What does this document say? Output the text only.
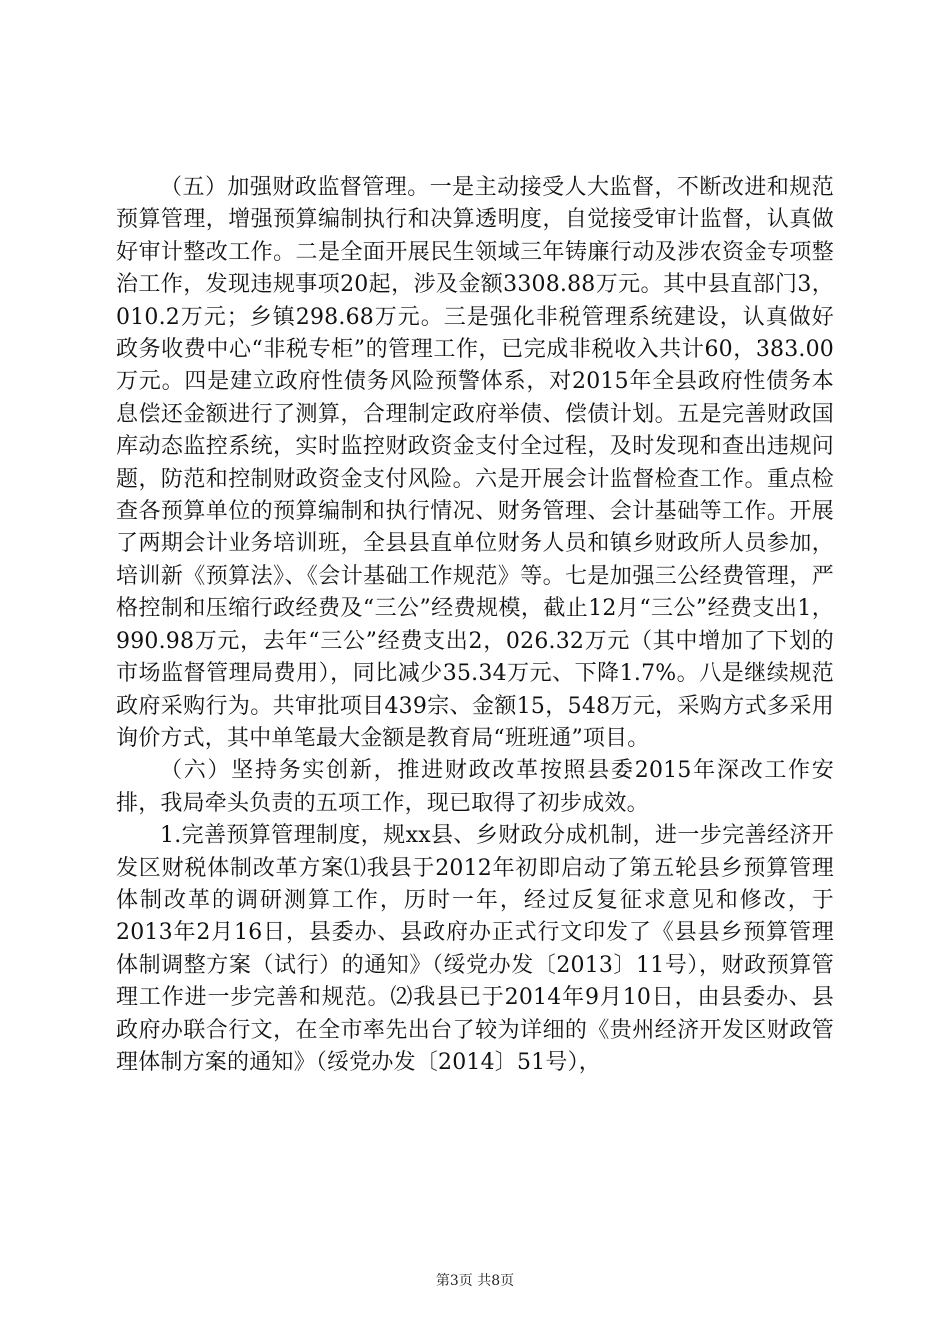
（五）加强财政监督管理。一是主动接受人大监督，不断改进和规范预算管理，增强预算编制执行和决算透明度，自觉接受审计监督，认真做好审计整改工作。二是全面开展民生领域三年铸廉行动及涉农资金专项整治工作，发现违规事项20起，涉及金额3308.88万元。其中县直部门3，010.2万元；乡镇298.68万元。三是强化非税管理系统建设，认真做好政务收费中心“非税专柜”的管理工作，已完成非税收入共计60，383.00万元。四是建立政府性债务风险预警体系，对2015年全县政府性债务本息偿还金额进行了测算，合理制定政府举债、偿债计划。五是完善财政国库动态监控系统，实时监控财政资金支付全过程，及时发现和查出违规问题，防范和控制财政资金支付风险。六是开展会计监督检查工作。重点检查各预算单位的预算编制和执行情况、财务管理、会计基础等工作。开展了两期会计业务培训班，全县县直单位财务人员和镇乡财政所人员参加，培训新《预算法》、《会计基础工作规范》等。七是加强三公经费管理，严格控制和压缩行政经费及“三公”经费规模，截止12月“三公”经费支出1，990.98万元，去年“三公”经费支出2，026.32万元（其中增加了下划的市场监督管理局费用），同比减少35.34万元、下降1.7%。八是继续规范政府采购行为。共审批项目439宗、金额15，548万元，采购方式多采用询价方式，其中单笔最大金额是教育局“班班通”项目。

（六）坚持务实创新，推进财政改革按照县委2015年深改工作安排，我局牵头负责的五项工作，现已取得了初步成效。

1.完善预算管理制度，规xx县、乡财政分成机制，进一步完善经济开发区财税体制改革方案⑴我县于2012年初即启动了第五轮县乡预算管理体制改革的调研测算工作，历时一年，经过反复征求意见和修改，于2013年2月16日，县委办、县政府办正式行文印发了《县县乡预算管理体制调整方案（试行）的通知》（绥党办发〔2013〕11号），财政预算管理工作进一步完善和规范。⑵我县已于2014年9月10日，由县委办、县政府办联合行文，在全市率先出台了较为详细的《贵州经济开发区财政管理体制方案的通知》（绥党办发〔2014〕51号），

第3页 共8页
